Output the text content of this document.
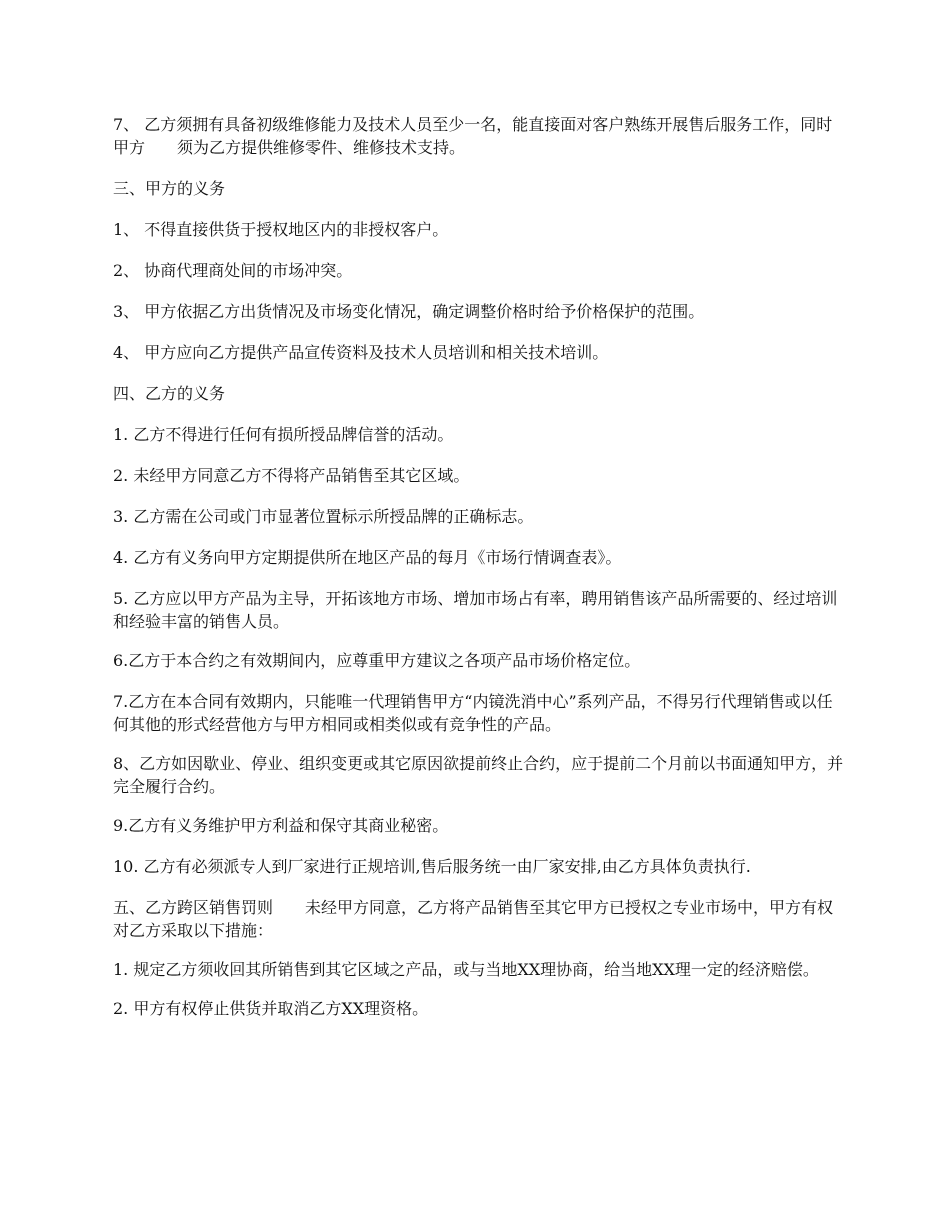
7、 乙方须拥有具备初级维修能力及技术人员至少一名，能直接面对客户熟练开展售后服务工作，同时甲方　　须为乙方提供维修零件、维修技术支持。

三、甲方的义务

1、 不得直接供货于授权地区内的非授权客户。

2、 协商代理商处间的市场冲突。

3、 甲方依据乙方出货情况及市场变化情况，确定调整价格时给予价格保护的范围。

4、 甲方应向乙方提供产品宣传资料及技术人员培训和相关技术培训。

四、乙方的义务

1. 乙方不得进行任何有损所授品牌信誉的活动。

2. 未经甲方同意乙方不得将产品销售至其它区域。

3. 乙方需在公司或门市显著位置标示所授品牌的正确标志。

4. 乙方有义务向甲方定期提供所在地区产品的每月《市场行情调查表》。

5. 乙方应以甲方产品为主导，开拓该地方市场、增加市场占有率，聘用销售该产品所需要的、经过培训和经验丰富的销售人员。

6.乙方于本合约之有效期间内，应尊重甲方建议之各项产品市场价格定位。

7.乙方在本合同有效期内，只能唯一代理销售甲方“内镜洗消中心”系列产品，不得另行代理销售或以任何其他的形式经营他方与甲方相同或相类似或有竞争性的产品。

8、乙方如因歇业、停业、组织变更或其它原因欲提前终止合约，应于提前二个月前以书面通知甲方，并完全履行合约。

9.乙方有义务维护甲方利益和保守其商业秘密。

10. 乙方有必须派专人到厂家进行正规培训,售后服务统一由厂家安排,由乙方具体负责执行.

五、乙方跨区销售罚则　　未经甲方同意，乙方将产品销售至其它甲方已授权之专业市场中，甲方有权对乙方采取以下措施：

1. 规定乙方须收回其所销售到其它区域之产品，或与当地XX理协商，给当地XX理一定的经济赔偿。

2. 甲方有权停止供货并取消乙方XX理资格。
